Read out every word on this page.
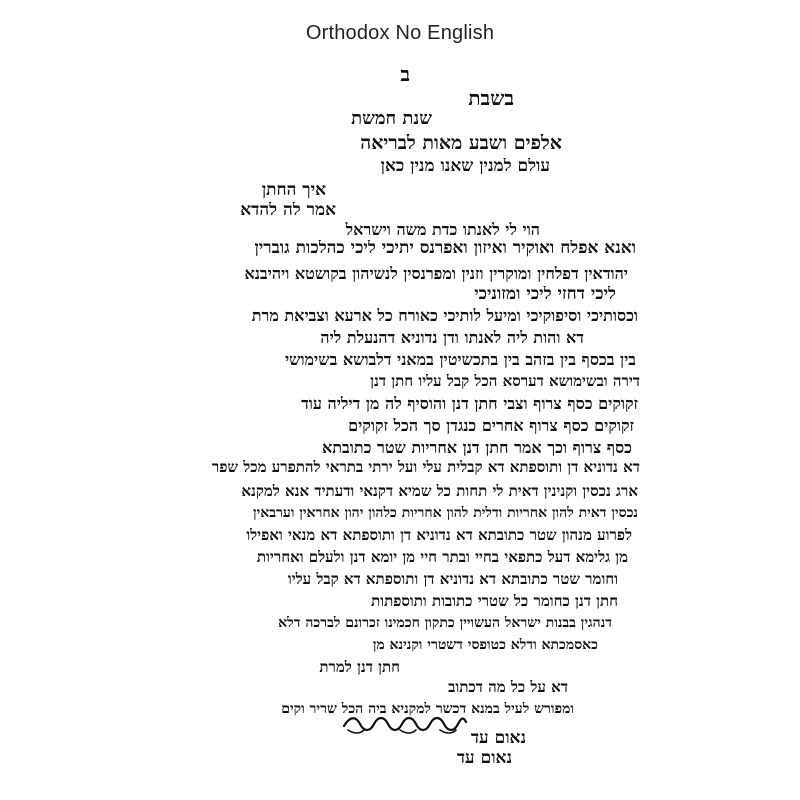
Orthodox No English
ב
בשבת
שנת חמשת
אלפים ושבע מאות לבריאה
עולם למנין שאנו מנין כאן
איך החתן
אמר לה להדא
הוי לי לאנתו כדת משה וישראל
ואנא אפלח ואוקיר ואיזון ואפרנס יתיכי ליכי כהלכות גוברין
יהודאין דפלחין ומוקרין וזנין ומפרנסין לנשיהון בקושטא ויהיבנא
ליכי דחזי ליכי ומזוניכי
וכסותיכי וסיפוקיכי ומיעל לותיכי כאורח כל ארעא וצביאת מרת
דא והות ליה לאנתו ודן נדוניא דהנעלת ליה
בין בכסף בין בזהב בין בתכשיטין במאני דלבושא בשימושי
דירה ובשימושא דערסא הכל קבל עליו חתן דנן
זקוקים כסף צרוף וצבי חתן דנן והוסיף לה מן דיליה עוד
זקוקים כסף צרוף אחרים כנגדן סך הכל זקוקים
כסף צרוף וכך אמר חתן דנן אחריות שטר כתובתא
דא נדוניא דן ותוספתא דא קבלית עלי ועל ירתי בתראי להתפרע מכל שפר
ארג נכסין וקנינין דאית לי תחות כל שמיא דקנאי ודעתיד אנא למקנא
נכסין דאית להון אחריות ודלית להון אחריות כלהון יהון אחראין וערבאין
לפרוע מנהון שטר כתובתא דא נדוניא דן ותוספתא דא מנאי ואפילו
מן גלימא דעל כתפאי בחיי ובתר חיי מן יומא דנן ולעלם ואחריות
וחומר שטר כתובתא דא נדוניא דן ותוספתא דא קבל עליו
חתן דנן כחומר כל שטרי כתובות ותוספתות
דנהגין בבנות ישראל העשויין כתקון חכמינו זכרונם לברכה דלא
כאסמכתא ודלא כטופסי דשטרי וקנינא מן
חתן דנן למרת
דא על כל מה דכתוב
ומפורש לעיל במנא דכשר למקניא ביה הכל שריר וקים
נאום עד
נאום עד
